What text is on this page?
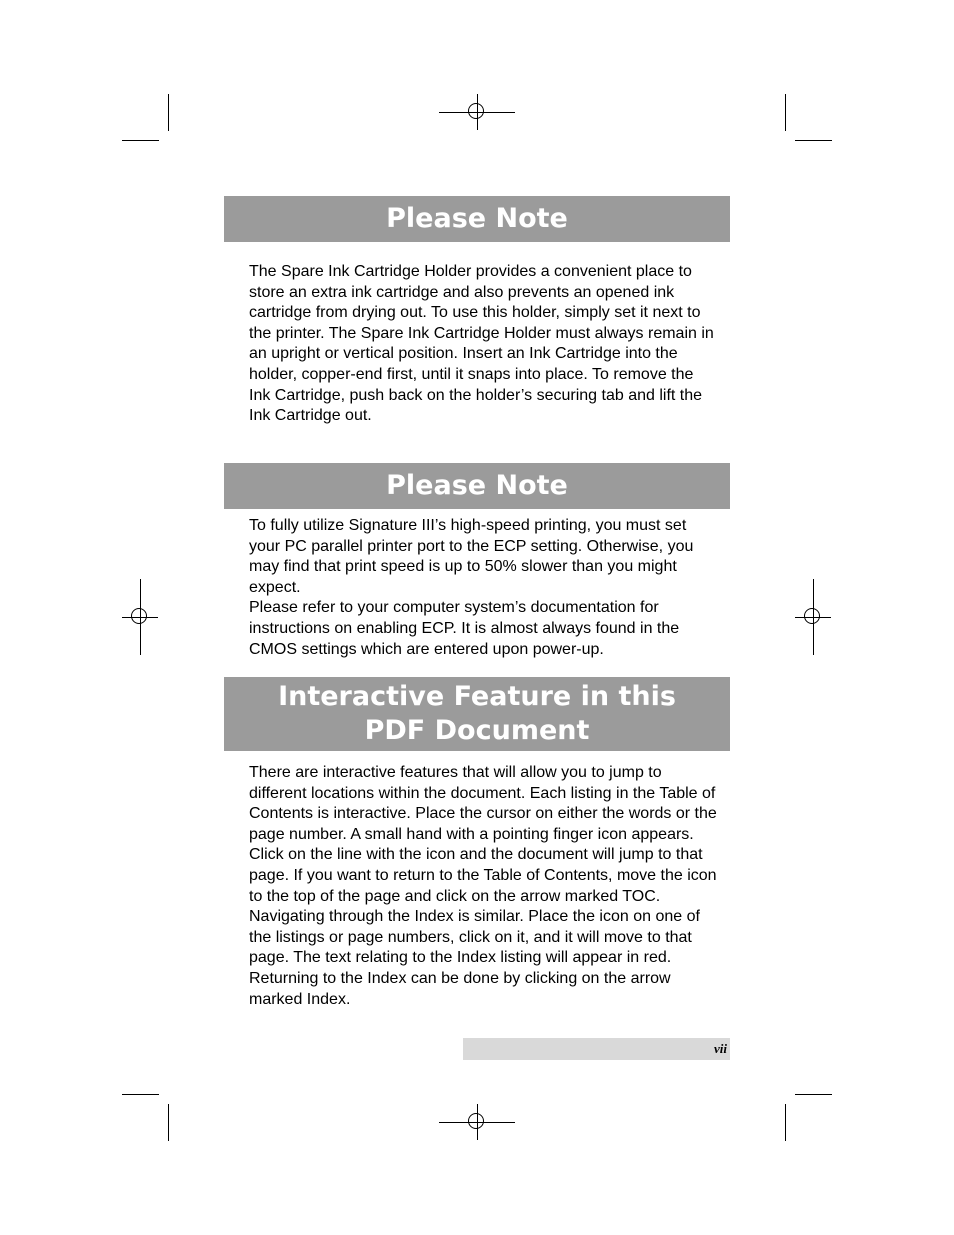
Please Note

The Spare Ink Cartridge Holder provides a convenient place to store an extra ink cartridge and also prevents an opened ink cartridge from drying out. To use this holder, simply set it next to the printer. The Spare Ink Cartridge Holder must always remain in an upright or vertical position. Insert an Ink Cartridge into the holder, copper-end first, until it snaps into place. To remove the Ink Cartridge, push back on the holder’s securing tab and lift the Ink Cartridge out.

Please Note

To fully utilize Signature III’s high-speed printing, you must set your PC parallel printer port to the ECP setting. Otherwise, you may find that print speed is up to 50% slower than you might expect.

Please refer to your computer system’s documentation for instructions on enabling ECP. It is almost always found in the CMOS settings which are entered upon power-up.

Interactive Feature in this
PDF Document

There are interactive features that will allow you to jump to different locations within the document. Each listing in the Table of Contents is interactive. Place the cursor on either the words or the page number. A small hand with a pointing finger icon appears. Click on the line with the icon and the document will jump to that page. If you want to return to the Table of Contents, move the icon to the top of the page and click on the arrow marked TOC. Navigating through the Index is similar. Place the icon on one of the listings or page numbers, click on it, and it will move to that page. The text relating to the Index listing will appear in red. Returning to the Index can be done by clicking on the arrow marked Index.

vii
